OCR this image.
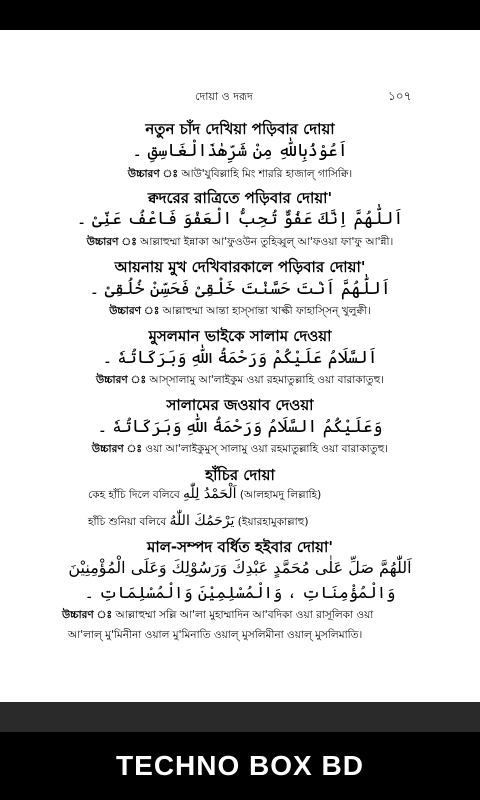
দোয়া ও দরূদ	১০৭
নতুন চাঁদ দেখিয়া পড়িবার দোয়া
اَعُوْذُبِاللّٰهِ مِنْ شَرِّهٰذَالْغَاسِقِ ۔
উচ্চারণ ঃ আউ'যুবিল্লাহি মিং শাররি হাজাল্ গাসিক্বি।
ক্বদরের রাত্রিতে পড়িবার দোয়া'
اَللّٰهُمَّ اِنَّكَ عَفُوٌّ تُحِبُّ الْعَفْوَ فَاعْفُ عَنِّىْ ۔
উচ্চারণ ঃ আল্লাহুম্মা ইন্নাকা আ'ফুওউন তুহিব্বুল্ আ'ফওয়া ফা'ফু আ'ন্নী।
আয়নায় মুখ দেখিবারকালে পড়িবার দোয়া'
اَللّٰهُمَّ اَنْتَ حَسَّنْتَ خَلْقِىْ فَحَسِّنْ خُلُقِىْ ۔
উচ্চারণ ঃ আল্লাহুম্মা আন্তা হাস্সান্তা খাল্কী ফাহাস্সিন্ খুলুক্বী।
মুসলমান ভাইকে সালাম দেওয়া
اَلسَّلَامُ عَلَيْكُمْ وَرَحْمَةُ اللّٰهِ وَبَرَكَاتُهٗ ۔
উচ্চারণ ঃ আস্সালামু আ'লাইকুম ওয়া রহমাতুল্লাহি ওয়া বারাকাতুহু।
সালামের জওয়াব দেওয়া
وَعَلَيْكُمُ السَّلَامُ وَرَحْمَةُ اللّٰهِ وَبَرَكَاتُهٗ ۔
উচ্চারণ ঃ ওয়া আ'লাইকুমুস্ সালামু ওয়া রহমাতুল্লাহি ওয়া বারাকাতুহু।
হাঁচির দোয়া
কেহ হাঁচি দিলে বলিবে اَلْحَمْدُ لِلّٰهِ (আলহামদু লিল্লাহি)
হাঁচি শুনিয়া বলিবে يَرْحَمُكَ اللّٰهُ (ইয়ারহামুকাল্লাহু)
মাল-সম্পদ বর্ধিত হইবার দোয়া'
اَللّٰهُمَّ صَلِّ عَلٰى مُحَمَّدٍ عَبْدِكَ وَرَسُوْلِكَ وَعَلَى الْمُؤْمِنِيْنَ
وَالْمُؤْمِنَاتِ ، وَالْمُسْلِمِيْنَ وَالْمُسْلِمَاتِ ۔
উচ্চারণ ঃ আল্লাহুম্মা সল্লি আ'লা মুহাম্মাদিন আ'বদিকা ওয়া রাসূলিকা ওয়া
আ'লাল্ মু'মিনীনা ওয়াল মু'মিনাতি ওয়াল্ মুসলিমীনা ওয়াল্ মুসলিমাতি।
TECHNO BOX BD
